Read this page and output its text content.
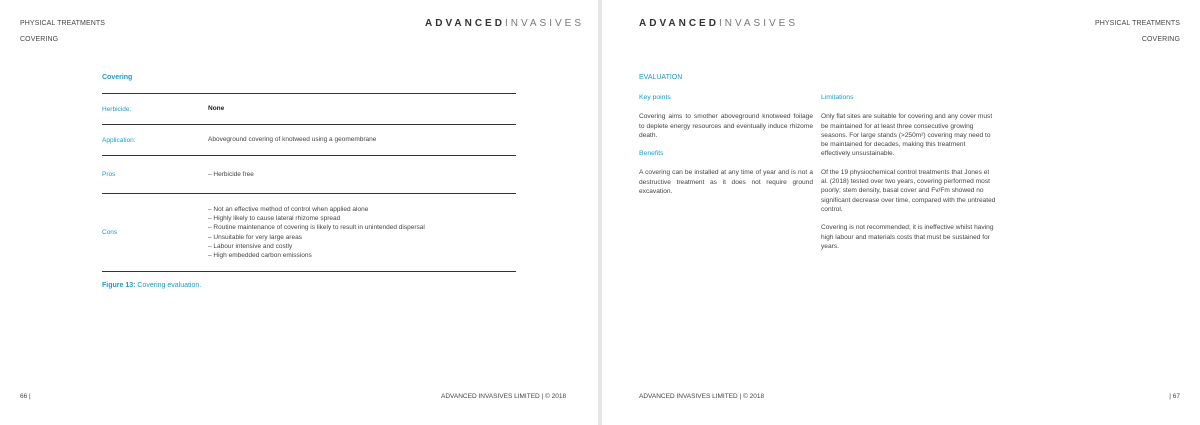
PHYSICAL TREATMENTS
COVERING
ADVANCEDINVASIVES
Covering
Herbicide:	None
Application:	Aboveground covering of knotweed using a geomembrane
Pros	– Herbicide free
Cons
– Not an effective method of control when applied alone
– Highly likely to cause lateral rhizome spread
– Routine maintenance of covering is likely to result in unintended dispersal
– Unsuitable for very large areas
– Labour intensive and costly
– High embedded carbon emissions
Figure 13: Covering evaluation.
66 |	ADVANCED INVASIVES LIMITED | © 2018
ADVANCEDINVASIVES	PHYSICAL TREATMENTS
COVERING
EVALUATION
Key points

Covering aims to smother aboveground knotweed foilage to deplete energy resources and eventually induce rhizome death.

Benefits

A covering can be installed at any time of year and is not a destructive treatment as it does not require ground excavation.

Limitations

Only flat sites are suitable for covering and any cover must be maintained for at least three consecutive growing seasons. For large stands (>250m²) covering may need to be maintained for decades, making this treatment effectively unsustainable.

Of the 19 physiochemical control treatments that Jones et al. (2018) tested over two years, covering performed most poorly; stem density, basal cover and Fv/Fm showed no significant decrease over time, compared with the untreated control.

Covering is not recommended; it is ineffective whilst having high labour and materials costs that must be sustained for years.

ADVANCED INVASIVES LIMITED | © 2018	| 67
